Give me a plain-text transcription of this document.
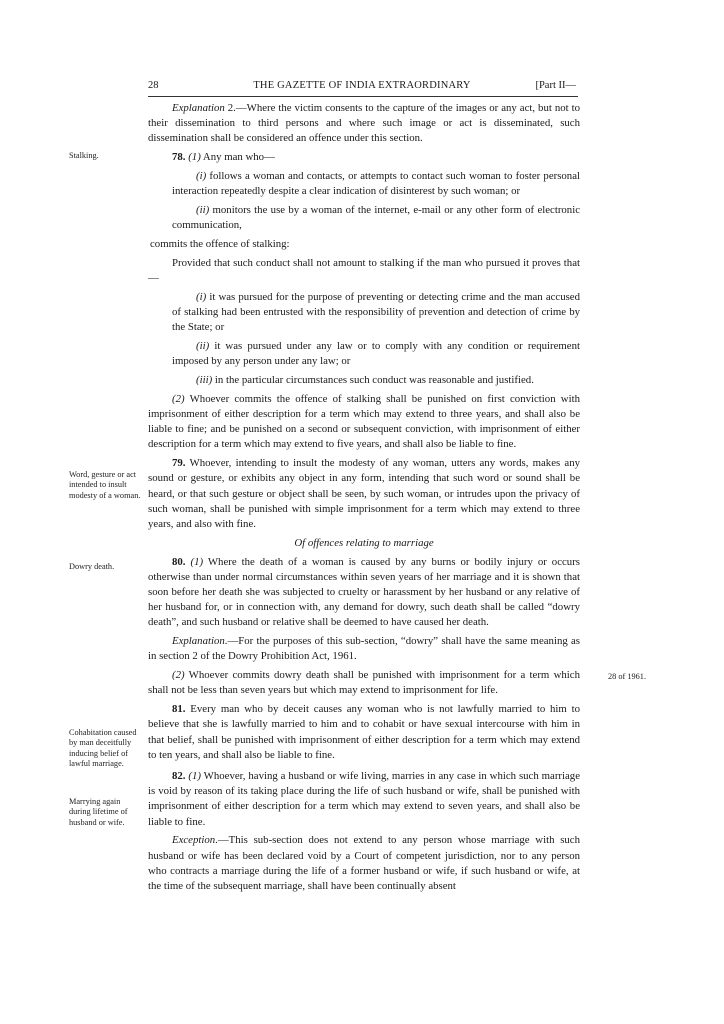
28	THE GAZETTE OF INDIA EXTRAORDINARY	[Part II—
Stalking.
Word, gesture or act intended to insult modesty of a woman.
Dowry death.
Cohabitation caused by man deceitfully inducing belief of lawful marriage.
Marrying again during lifetime of husband or wife.
28 of 1961.

Explanation 2.—Where the victim consents to the capture of the images or any act, but not to their dissemination to third persons and where such image or act is disseminated, such dissemination shall be considered an offence under this section.

78. (1) Any man who—

(i) follows a woman and contacts, or attempts to contact such woman to foster personal interaction repeatedly despite a clear indication of disinterest by such woman; or

(ii) monitors the use by a woman of the internet, e-mail or any other form of electronic communication,

commits the offence of stalking:

Provided that such conduct shall not amount to stalking if the man who pursued it proves that—

(i) it was pursued for the purpose of preventing or detecting crime and the man accused of stalking had been entrusted with the responsibility of prevention and detection of crime by the State; or

(ii) it was pursued under any law or to comply with any condition or requirement imposed by any person under any law; or

(iii) in the particular circumstances such conduct was reasonable and justified.

(2) Whoever commits the offence of stalking shall be punished on first conviction with imprisonment of either description for a term which may extend to three years, and shall also be liable to fine; and be punished on a second or subsequent conviction, with imprisonment of either description for a term which may extend to five years, and shall also be liable to fine.

79. Whoever, intending to insult the modesty of any woman, utters any words, makes any sound or gesture, or exhibits any object in any form, intending that such word or sound shall be heard, or that such gesture or object shall be seen, by such woman, or intrudes upon the privacy of such woman, shall be punished with simple imprisonment for a term which may extend to three years, and also with fine.

Of offences relating to marriage

80. (1) Where the death of a woman is caused by any burns or bodily injury or occurs otherwise than under normal circumstances within seven years of her marriage and it is shown that soon before her death she was subjected to cruelty or harassment by her husband or any relative of her husband for, or in connection with, any demand for dowry, such death shall be called “dowry death”, and such husband or relative shall be deemed to have caused her death.

Explanation.—For the purposes of this sub-section, “dowry” shall have the same meaning as in section 2 of the Dowry Prohibition Act, 1961.

(2) Whoever commits dowry death shall be punished with imprisonment for a term which shall not be less than seven years but which may extend to imprisonment for life.

81. Every man who by deceit causes any woman who is not lawfully married to him to believe that she is lawfully married to him and to cohabit or have sexual intercourse with him in that belief, shall be punished with imprisonment of either description for a term which may extend to ten years, and shall also be liable to fine.

82. (1) Whoever, having a husband or wife living, marries in any case in which such marriage is void by reason of its taking place during the life of such husband or wife, shall be punished with imprisonment of either description for a term which may extend to seven years, and shall also be liable to fine.

Exception.—This sub-section does not extend to any person whose marriage with such husband or wife has been declared void by a Court of competent jurisdiction, nor to any person who contracts a marriage during the life of a former husband or wife, if such husband or wife, at the time of the subsequent marriage, shall have been continually absent
